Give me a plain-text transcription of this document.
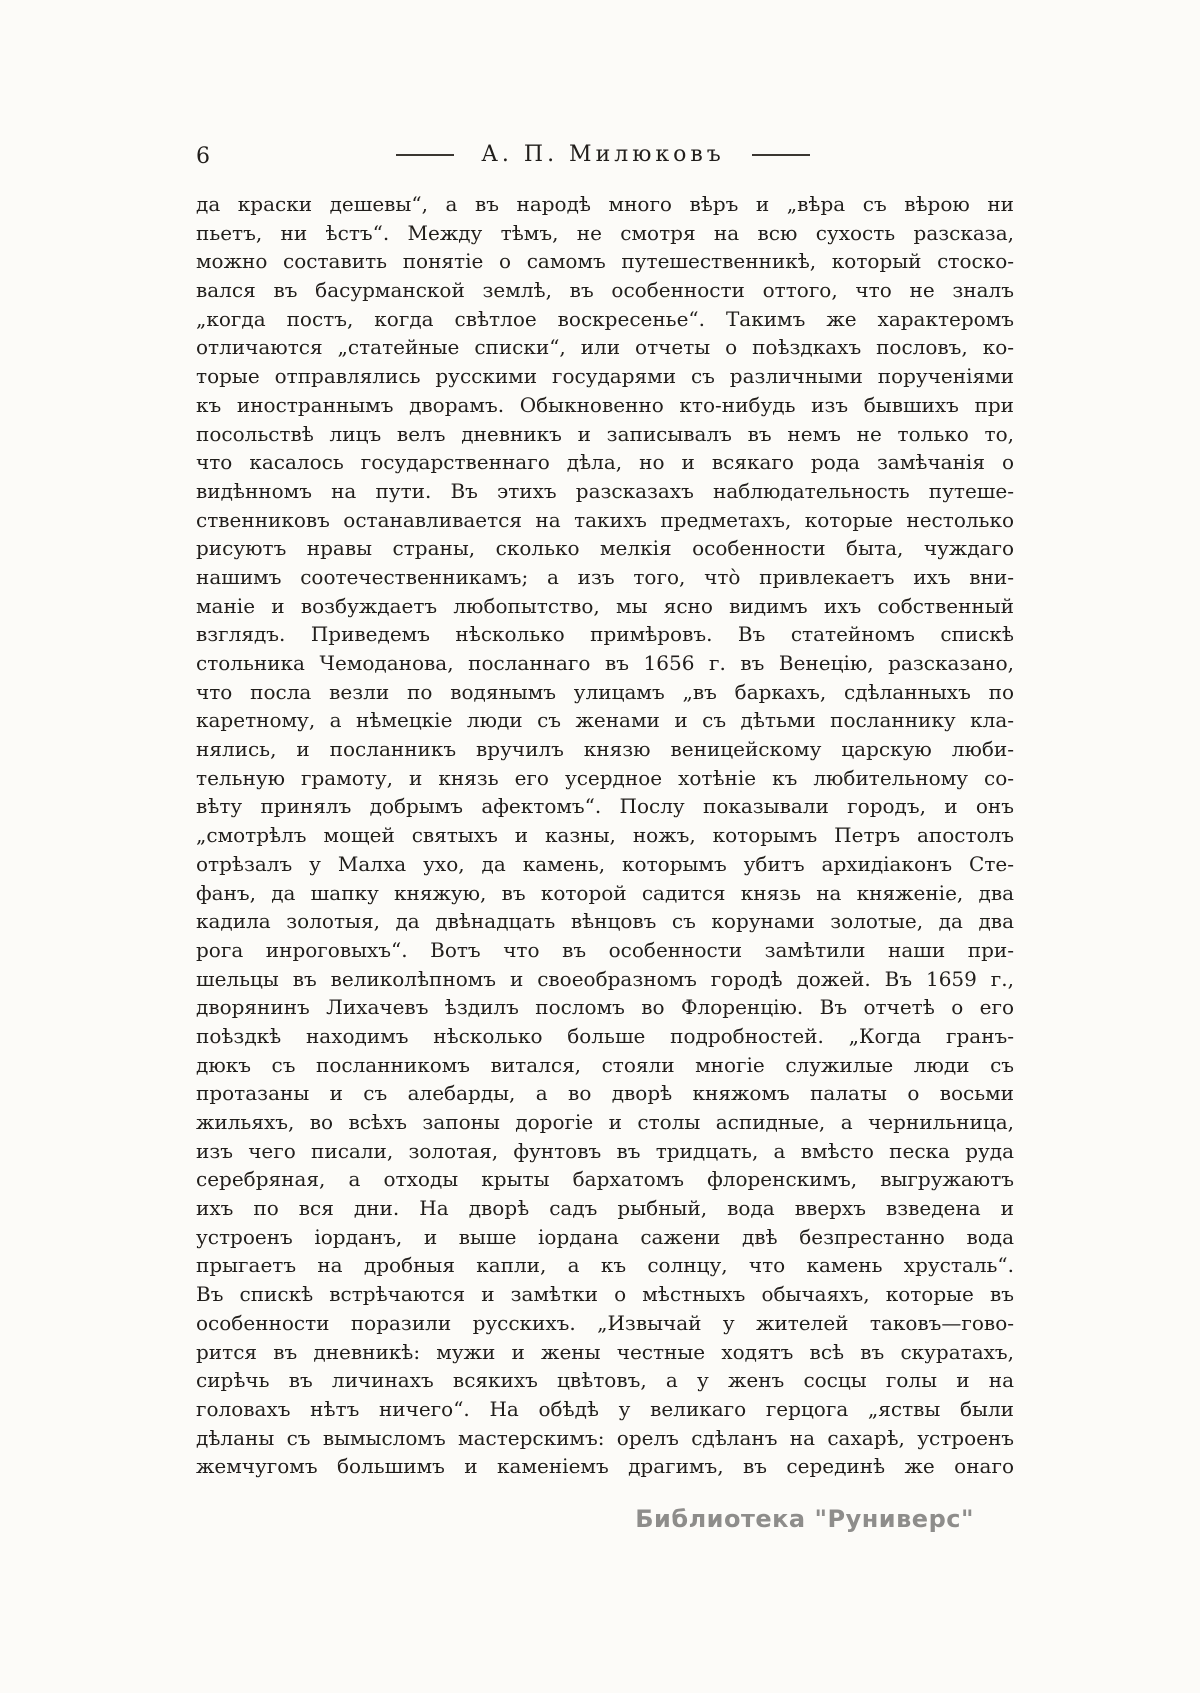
6	А. П. Милюковъ
да краски дешевы“, а въ народѣ много вѣръ и „вѣра съ вѣрою ни
пьетъ, ни ѣстъ“. Между тѣмъ, не смотря на всю сухость разсказа,
можно составить понятіе о самомъ путешественникѣ, который стоско-
вался въ басурманской землѣ, въ особенности оттого, что не зналъ
„когда постъ, когда свѣтлое воскресенье“. Такимъ же характеромъ
отличаются „статейные списки“, или отчеты о поѣздкахъ пословъ, ко-
торые отправлялись русскими государями съ различными порученіями
къ иностраннымъ дворамъ. Обыкновенно кто-нибудь изъ бывшихъ при
посольствѣ лицъ велъ дневникъ и записывалъ въ немъ не только то,
что касалось государственнаго дѣла, но и всякаго рода замѣчанія о
видѣнномъ на пути. Въ этихъ разсказахъ наблюдательность путеше-
ственниковъ останавливается на такихъ предметахъ, которые нестолько
рисуютъ нравы страны, сколько мелкія особенности быта, чуждаго
нашимъ соотечественникамъ; а изъ того, что̀ привлекаетъ ихъ вни-
маніе и возбуждаетъ любопытство, мы ясно видимъ ихъ собственный
взглядъ. Приведемъ нѣсколько примѣровъ. Въ статейномъ спискѣ
стольника Чемоданова, посланнаго въ 1656 г. въ Венецію, разсказано,
что посла везли по водянымъ улицамъ „въ баркахъ, сдѣланныхъ по
каретному, а нѣмецкіе люди съ женами и съ дѣтьми посланнику кла-
нялись, и посланникъ вручилъ князю веницейскому царскую люби-
тельную грамоту, и князь его усердное хотѣніе къ любительному со-
вѣту принялъ добрымъ афектомъ“. Послу показывали городъ, и онъ
„смотрѣлъ мощей святыхъ и казны, ножъ, которымъ Петръ апостолъ
отрѣзалъ у Малха ухо, да камень, которымъ убитъ архидіаконъ Сте-
фанъ, да шапку княжую, въ которой садится князь на княженіе, два
кадила золотыя, да двѣнадцать вѣнцовъ съ корунами золотые, да два
рога инроговыхъ“. Вотъ что въ особенности замѣтили наши при-
шельцы въ великолѣпномъ и своеобразномъ городѣ дожей. Въ 1659 г.,
дворянинъ Лихачевъ ѣздилъ посломъ во Флоренцію. Въ отчетѣ о его
поѣздкѣ находимъ нѣсколько больше подробностей. „Когда гранъ-
дюкъ съ посланникомъ витался, стояли многіе служилые люди съ
протазаны и съ алебарды, а во дворѣ княжомъ палаты о восьми
жильяхъ, во всѣхъ запоны дорогіе и столы аспидные, а чернильница,
изъ чего писали, золотая, фунтовъ въ тридцать, а вмѣсто песка руда
серебряная, а отходы крыты бархатомъ флоренскимъ, выгружаютъ
ихъ по вся дни. На дворѣ садъ рыбный, вода вверхъ взведена и
устроенъ іорданъ, и выше іордана сажени двѣ безпрестанно вода
прыгаетъ на дробныя капли, а къ солнцу, что камень хрусталь“.
Въ спискѣ встрѣчаются и замѣтки о мѣстныхъ обычаяхъ, которые въ
особенности поразили русскихъ. „Извычай у жителей таковъ—гово-
рится въ дневникѣ: мужи и жены честные ходятъ всѣ въ скуратахъ,
сирѣчь въ личинахъ всякихъ цвѣтовъ, а у женъ сосцы голы и на
головахъ нѣтъ ничего“. На обѣдѣ у великаго герцога „яствы были
дѣланы съ вымысломъ мастерскимъ: орелъ сдѣланъ на сахарѣ, устроенъ
жемчугомъ большимъ и каменіемъ драгимъ, въ серединѣ же онаго
Библиотека "Руниверс"
